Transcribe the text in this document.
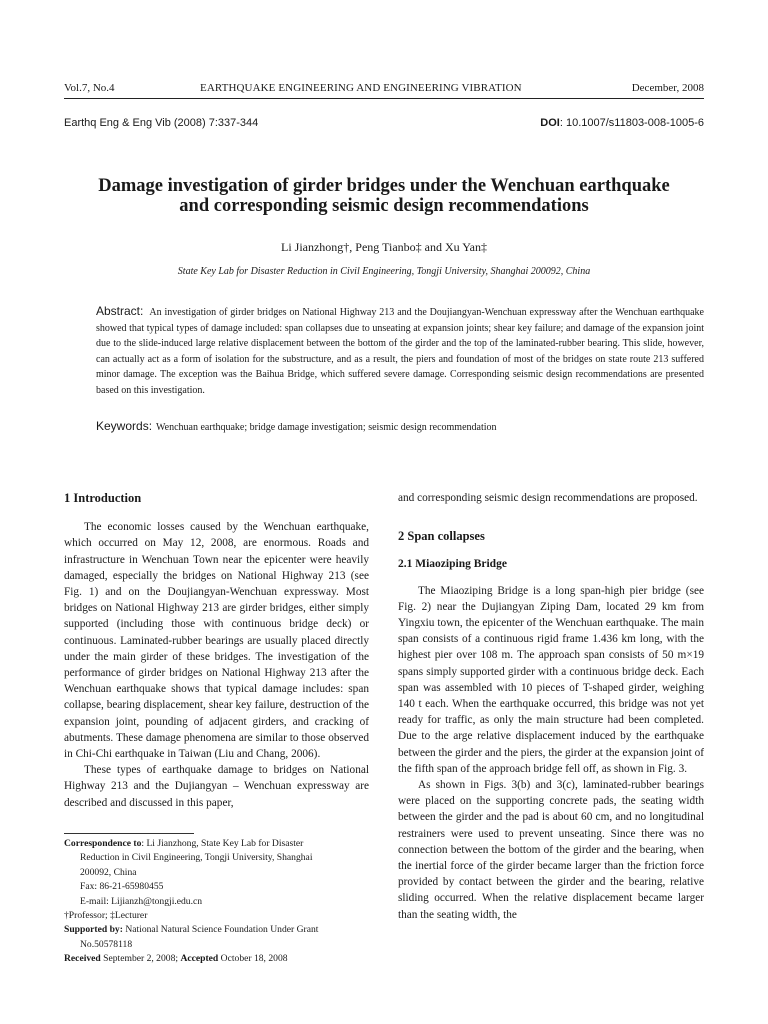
Vol.7, No.4	EARTHQUAKE ENGINEERING AND ENGINEERING VIBRATION	December, 2008
Earthq Eng & Eng Vib (2008) 7:337-344	DOI: 10.1007/s11803-008-1005-6
Damage investigation of girder bridges under the Wenchuan earthquake
and corresponding seismic design recommendations
Li Jianzhong†, Peng Tianbo‡ and Xu Yan‡
State Key Lab for Disaster Reduction in Civil Engineering, Tongji University, Shanghai 200092, China
Abstract: An investigation of girder bridges on National Highway 213 and the Doujiangyan-Wenchuan expressway after the Wenchuan earthquake showed that typical types of damage included: span collapses due to unseating at expansion joints; shear key failure; and damage of the expansion joint due to the slide-induced large relative displacement between the bottom of the girder and the top of the laminated-rubber bearing. This slide, however, can actually act as a form of isolation for the substructure, and as a result, the piers and foundation of most of the bridges on state route 213 suffered minor damage. The exception was the Baihua Bridge, which suffered severe damage. Corresponding seismic design recommendations are presented based on this investigation.
Keywords: Wenchuan earthquake; bridge damage investigation; seismic design recommendation

1 Introduction

The economic losses caused by the Wenchuan earthquake, which occurred on May 12, 2008, are enormous. Roads and infrastructure in Wenchuan Town near the epicenter were heavily damaged, especially the bridges on National Highway 213 (see Fig. 1) and on the Doujiangyan-Wenchuan expressway. Most bridges on National Highway 213 are girder bridges, either simply supported (including those with continuous bridge deck) or continuous. Laminated-rubber bearings are usually placed directly under the main girder of these bridges. The investigation of the performance of girder bridges on National Highway 213 after the Wenchuan earthquake shows that typical damage includes: span collapse, bearing displacement, shear key failure, destruction of the expansion joint, pounding of adjacent girders, and cracking of abutments. These damage phenomena are similar to those observed in Chi-Chi earthquake in Taiwan (Liu and Chang, 2006).

These types of earthquake damage to bridges on National Highway 213 and the Dujiangyan – Wenchuan expressway are described and discussed in this paper,

Correspondence to: Li Jianzhong, State Key Lab for Disaster

Reduction in Civil Engineering, Tongji University, Shanghai

200092, China

Fax: 86-21-65980455

E-mail: Lijianzh@tongji.edu.cn

†Professor; ‡Lecturer

Supported by: National Natural Science Foundation Under Grant

No.50578118

Received September 2, 2008; Accepted October 18, 2008

and corresponding seismic design recommendations are proposed.

2 Span collapses

2.1 Miaoziping Bridge

The Miaoziping Bridge is a long span-high pier bridge (see Fig. 2) near the Dujiangyan Ziping Dam, located 29 km from Yingxiu town, the epicenter of the Wenchuan earthquake. The main span consists of a continuous rigid frame 1.436 km long, with the highest pier over 108 m. The approach span consists of 50 m×19 spans simply supported girder with a continuous bridge deck. Each span was assembled with 10 pieces of T-shaped girder, weighing 140 t each. When the earthquake occurred, this bridge was not yet ready for traffic, as only the main structure had been completed. Due to the arge relative displacement induced by the earthquake between the girder and the piers, the girder at the expansion joint of the fifth span of the approach bridge fell off, as shown in Fig. 3.

As shown in Figs. 3(b) and 3(c), laminated-rubber bearings were placed on the supporting concrete pads, the seating width between the girder and the pad is about 60 cm, and no longitudinal restrainers were used to prevent unseating. Since there was no connection between the bottom of the girder and the bearing, when the inertial force of the girder became larger than the friction force provided by contact between the girder and the bearing, relative sliding occurred. When the relative displacement became larger than the seating width, the
